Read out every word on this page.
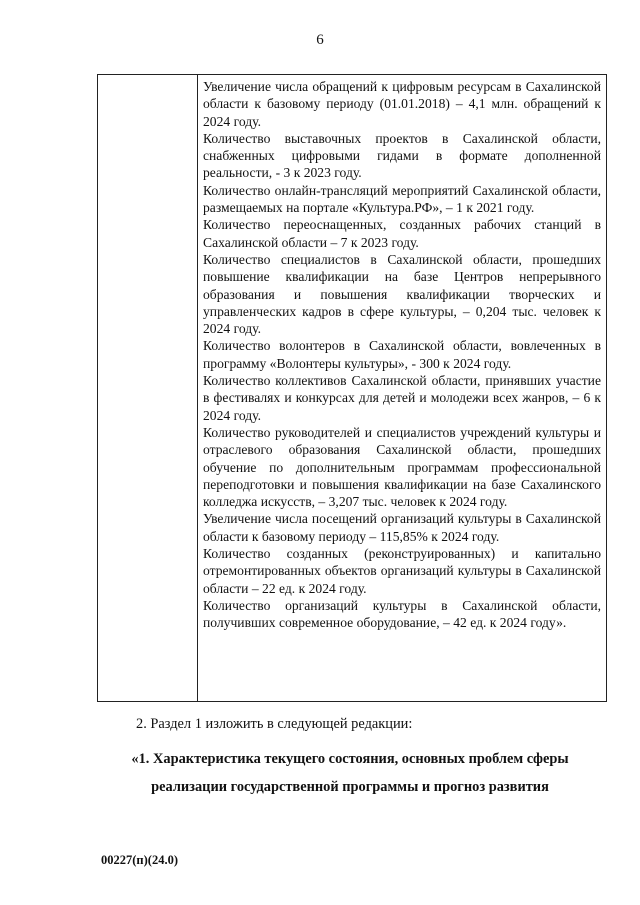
6

Увеличение числа обращений к цифровым ресурсам в Сахалинской области к базовому периоду (01.01.2018) – 4,1 млн. обращений к 2024 году.

Количество выставочных проектов в Сахалинской области, снабженных цифровыми гидами в формате дополненной реальности, - 3 к 2023 году.

Количество онлайн-трансляций мероприятий Сахалинской области, размещаемых на портале «Культура.РФ», – 1 к 2021 году.

Количество переоснащенных, созданных рабочих станций в Сахалинской области – 7 к 2023 году.

Количество специалистов в Сахалинской области, прошедших повышение квалификации на базе Центров непрерывного образования и повышения квалификации творческих и управленческих кадров в сфере культуры, – 0,204 тыс. человек к 2024 году.

Количество волонтеров в Сахалинской области, вовлеченных в программу «Волонтеры культуры», - 300 к 2024 году.

Количество коллективов Сахалинской области, принявших участие в фестивалях и конкурсах для детей и молодежи всех жанров, – 6 к 2024 году.

Количество руководителей и специалистов учреждений культуры и отраслевого образования Сахалинской области, прошедших обучение по дополнительным программам профессиональной переподготовки и повышения квалификации на базе Сахалинского колледжа искусств, – 3,207 тыс. человек к 2024 году.

Увеличение числа посещений организаций культуры в Сахалинской области к базовому периоду – 115,85% к 2024 году.

Количество созданных (реконструированных) и капитально отремонтированных объектов организаций культуры в Сахалинской области – 22 ед. к 2024 году.

Количество организаций культуры в Сахалинской области, получивших современное оборудование, – 42 ед. к 2024 году».

2. Раздел 1 изложить в следующей редакции:
«1. Характеристика текущего состояния, основных проблем сферы
реализации государственной программы и прогноз развития
00227(п)(24.0)
